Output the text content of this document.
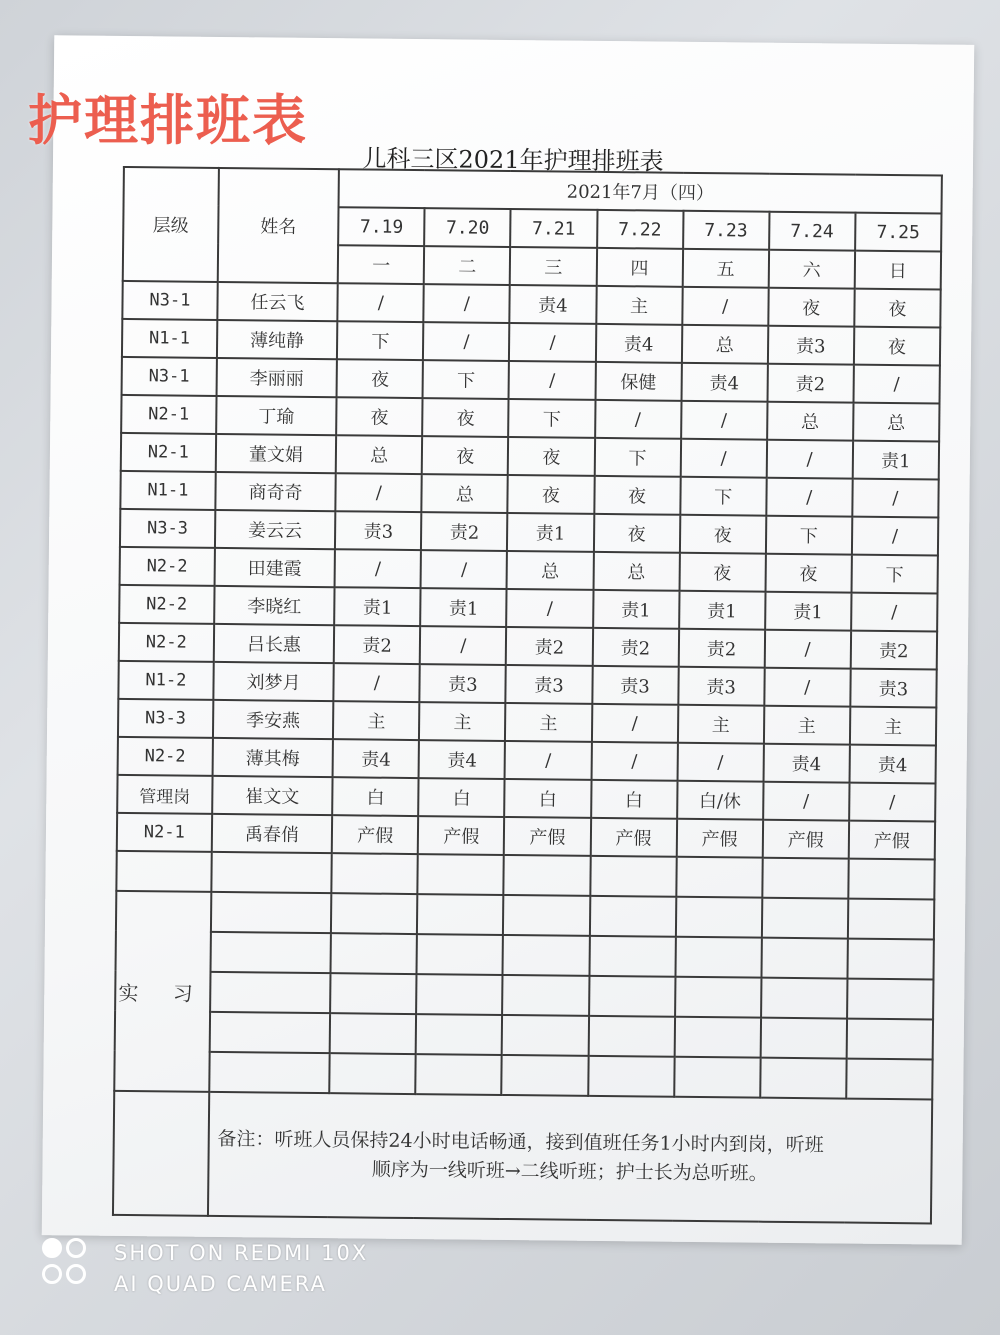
儿科三区2021年护理排班表
层级	姓名	2021年7月（四）						
		7.19	7.20	7.21	7.22	7.23	7.24	7.25
		一	二	三	四	五	六	日
N3-1	任云飞	/	/	责4	主	/	夜	夜
N1-1	薄纯静	下	/	/	责4	总	责3	夜
N3-1	李丽丽	夜	下	/	保健	责4	责2	/
N2-1	丁瑜	夜	夜	下	/	/	总	总
N2-1	董文娟	总	夜	夜	下	/	/	责1
N1-1	商奇奇	/	总	夜	夜	下	/	/
N3-3	姜云云	责3	责2	责1	夜	夜	下	/
N2-2	田建霞	/	/	总	总	夜	夜	下
N2-2	李晓红	责1	责1	/	责1	责1	责1	/
N2-2	吕长惠	责2	/	责2	责2	责2	/	责2
N1-2	刘梦月	/	责3	责3	责3	责3	/	责3
N3-3	季安燕	主	主	主	/	主	主	主
N2-2	薄其梅	责4	责4	/	/	/	责4	责4
管理岗	崔文文	白	白	白	白	白/休	/	/
N2-1	禹春俏	产假	产假	产假	产假	产假	产假	产假

实 习								

	备注：听班人员保持24小时电话畅通，接到值班任务1小时内到岗，听班
顺序为一线听班→二线听班；护士长为总听班。							
护理排班表
SHOT ON REDMI 10X
AI QUAD CAMERA
